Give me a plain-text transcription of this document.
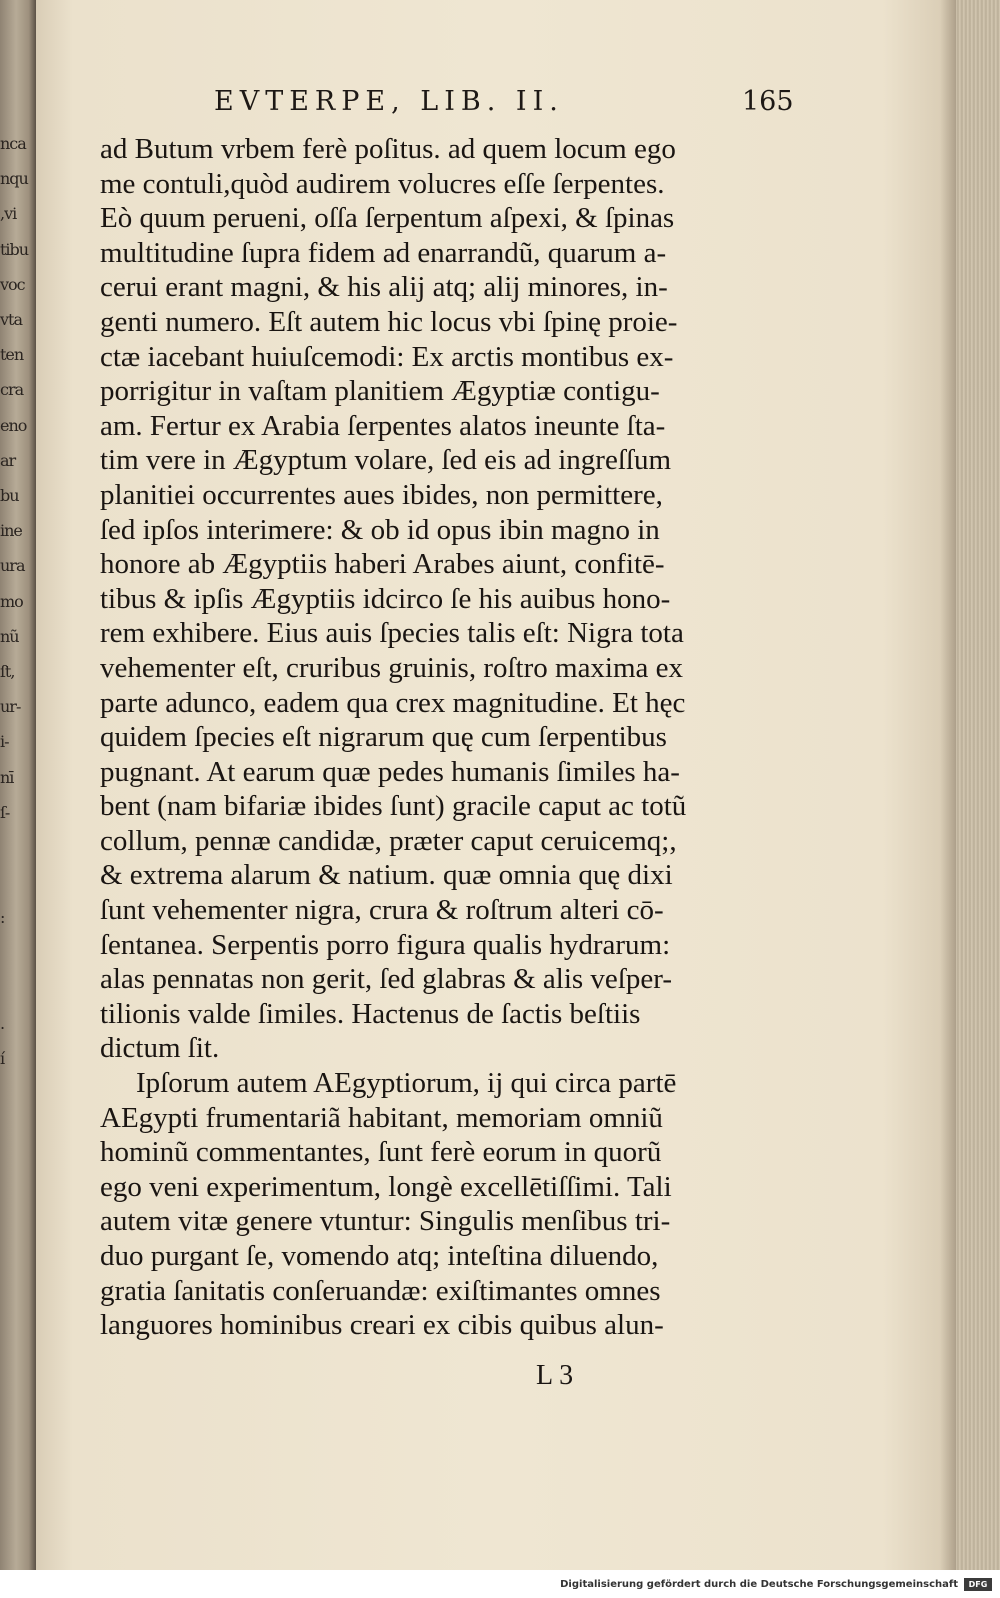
nca
nqu
,vi
tibu
voc
vta
ten
cra
eno
ar
bu
ine
ura
mo
nũ
ſt,
ur-
i-
nī
ſ-

:

.
í

EVTERPE, LIB. II.	165
ad Butum vrbem ferè poſitus. ad quem locum ego
me contuli,quòd audirem volucres eſſe ſerpentes.
Eò quum perueni, oſſa ſerpentum aſpexi, & ſpinas
multitudine ſupra fidem ad enarrandũ, quarum a-
cerui erant magni, & his alij atq; alij minores, in-
genti numero. Eſt autem hic locus vbi ſpinę proie-
ctæ iacebant huiuſcemodi: Ex arctis montibus ex-
porrigitur in vaſtam planitiem Ægyptiæ contigu-
am. Fertur ex Arabia ſerpentes alatos ineunte ſta-
tim vere in Ægyptum volare, ſed eis ad ingreſſum
planitiei occurrentes aues ibides, non permittere,
ſed ipſos interimere: & ob id opus ibin magno in
honore ab Ægyptiis haberi Arabes aiunt, confitē-
tibus & ipſis Ægyptiis idcirco ſe his auibus hono-
rem exhibere. Eius auis ſpecies talis eſt: Nigra tota
vehementer eſt, cruribus gruinis, roſtro maxima ex
parte adunco, eadem qua crex magnitudine. Et hęc
quidem ſpecies eſt nigrarum quę cum ſerpentibus
pugnant. At earum quæ pedes humanis ſimiles ha-
bent (nam bifariæ ibides ſunt) gracile caput ac totũ
collum, pennæ candidæ, præter caput ceruicemq;,
& extrema alarum & natium. quæ omnia quę dixi
ſunt vehementer nigra, crura & roſtrum alteri cō-
ſentanea. Serpentis porro figura qualis hydrarum:
alas pennatas non gerit, ſed glabras & alis veſper-
tilionis valde ſimiles. Hactenus de ſactis beſtiis
dictum ſit.
Ipſorum autem AEgyptiorum, ij qui circa partē
AEgypti frumentariã habitant, memoriam omniũ
hominũ commentantes, ſunt ferè eorum in quorũ
ego veni experimentum, longè excellētiſſimi. Tali
autem vitæ genere vtuntur: Singulis menſibus tri-
duo purgant ſe, vomendo atq; inteſtina diluendo,
gratia ſanitatis conſeruandæ: exiſtimantes omnes
languores hominibus creari ex cibis quibus alun-
L 3
Digitalisierung gefördert durch die Deutsche Forschungsgemeinschaft	DFG
